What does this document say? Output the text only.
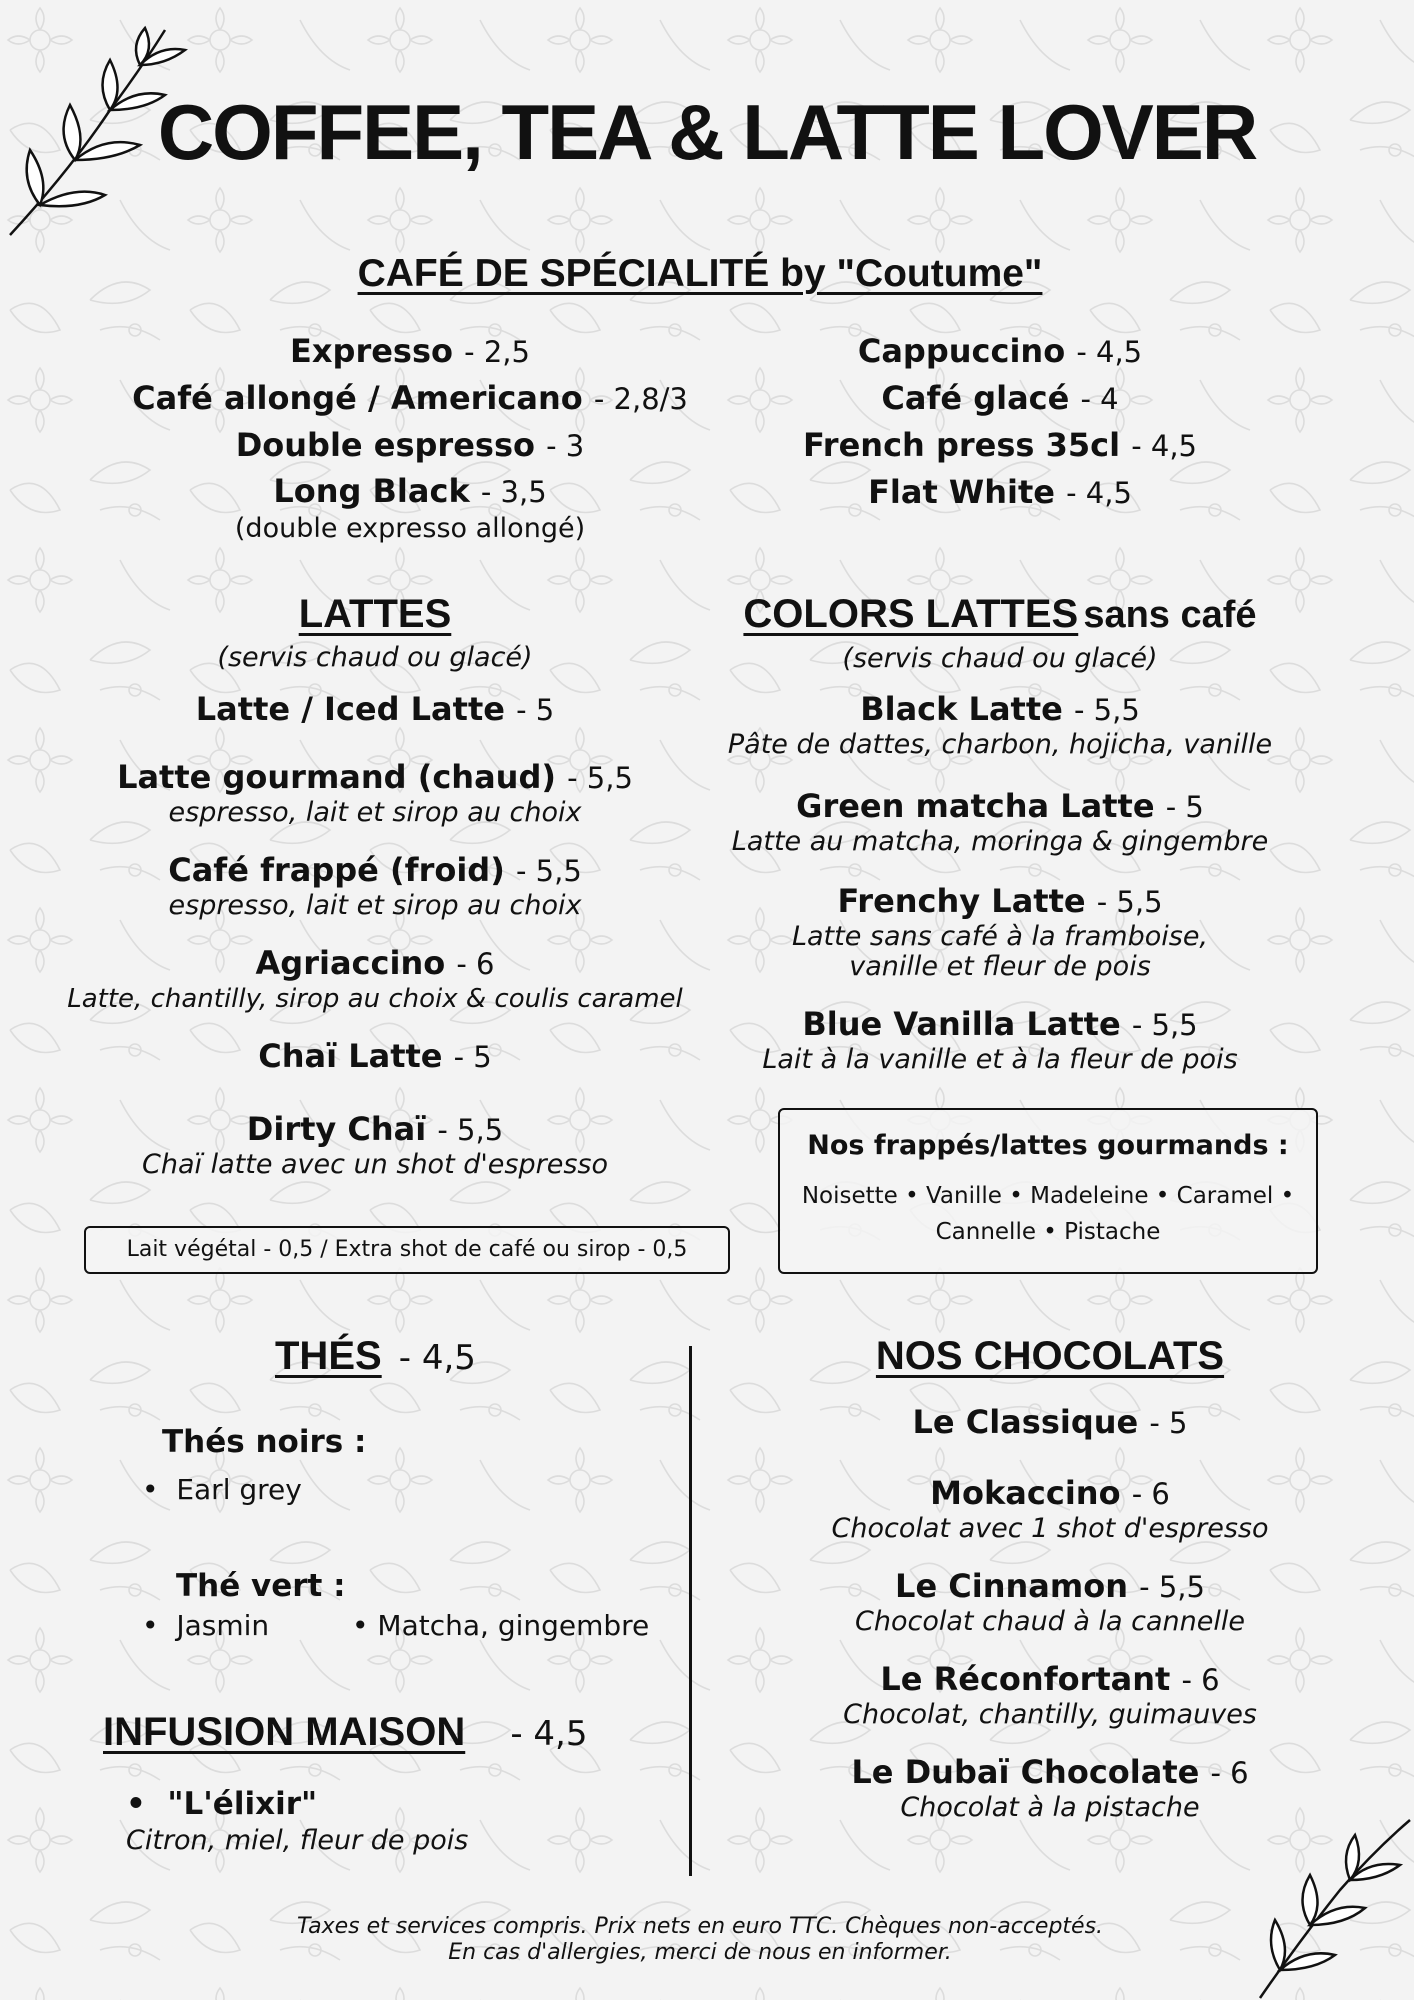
COFFEE, TEA & LATTE LOVER
CAFÉ DE SPÉCIALITÉ by "Coutume"
Expresso - 2,5
Café allongé / Americano - 2,8/3
Double espresso - 3
Long Black - 3,5
(double expresso allongé)
Cappuccino - 4,5
Café glacé - 4
French press 35cl - 4,5
Flat White - 4,5
LATTES
(servis chaud ou glacé)
Latte / Iced Latte - 5
Latte gourmand (chaud) - 5,5
espresso, lait et sirop au choix
Café frappé (froid) - 5,5
espresso, lait et sirop au choix
Agriaccino - 6
Latte, chantilly, sirop au choix & coulis caramel
Chaï Latte - 5
Dirty Chaï - 5,5
Chaï latte avec un shot d'espresso
Lait végétal - 0,5 / Extra shot de café ou sirop - 0,5
COLORS LATTES sans café
(servis chaud ou glacé)
Black Latte - 5,5
Pâte de dattes, charbon, hojicha, vanille
Green matcha Latte - 5
Latte au matcha, moringa & gingembre
Frenchy Latte - 5,5
Latte sans café à la framboise,
vanille et fleur de pois
Blue Vanilla Latte - 5,5
Lait à la vanille et à la fleur de pois
Nos frappés/lattes gourmands :
Noisette • Vanille • Madeleine • Caramel •
Cannelle • Pistache
THÉS - 4,5
Thés noirs :
•  Earl grey
Thé vert :
•  Jasmin	• Matcha, gingembre
INFUSION MAISON - 4,5
•  "L'élixir"
Citron, miel, fleur de pois
NOS CHOCOLATS
Le Classique - 5
Mokaccino - 6
Chocolat avec 1 shot d'espresso
Le Cinnamon - 5,5
Chocolat chaud à la cannelle
Le Réconfortant - 6
Chocolat, chantilly, guimauves
Le Dubaï Chocolate - 6
Chocolat à la pistache
Taxes et services compris. Prix nets en euro TTC. Chèques non-acceptés.
En cas d'allergies, merci de nous en informer.
